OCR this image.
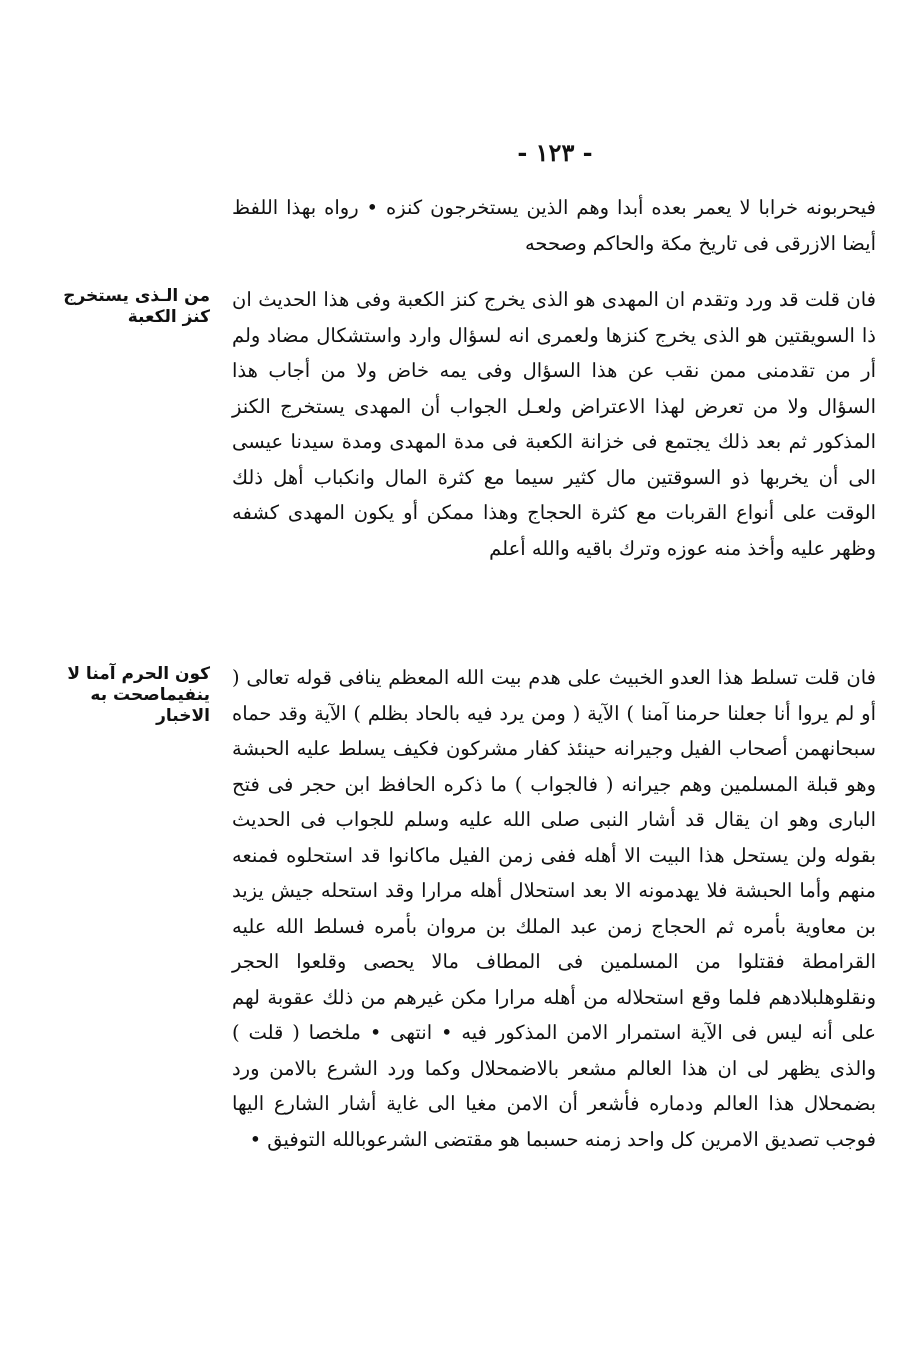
- ١٢٣ -
من الـذى يستخرج كنز الكعبة
كون الحرم آمنا لا ينفيماصحت به الاخبار

فيحربونه خرابا لا يعمر بعده أبدا وهم الذين يستخرجون كنزه • رواه بهذا اللفظ أيضا الازرقى فى تاريخ مكة والحاكم وصححه

فان قلت قد ورد وتقدم ان المهدى هو الذى يخرج كنز الكعبة وفى هذا الحديث ان ذا السويقتين هو الذى يخرج كنزها ولعمرى انه لسؤال وارد واستشكال مضاد ولم أر من تقدمنى ممن نقب عن هذا السؤال وفى يمه خاض ولا من أجاب هذا السؤال ولا من تعرض لهذا الاعتراض ولعـل الجواب أن المهدى يستخرج الكنز المذكور ثم بعد ذلك يجتمع فى خزانة الكعبة فى مدة المهدى ومدة سيدنا عيسى الى أن يخربها ذو السوقتين مال كثير سيما مع كثرة المال وانكباب أهل ذلك الوقت على أنواع القربات مع كثرة الحجاج وهذا ممكن أو يكون المهدى كشفه وظهر عليه وأخذ منه عوزه وترك باقيه والله أعلم

فان قلت تسلط هذا العدو الخبيث على هدم بيت الله المعظم ينافى قوله تعالى ( أو لم يروا أنا جعلنا حرمنا آمنا ) الآية ( ومن يرد فيه بالحاد بظلم ) الآية وقد حماه سبحانهمن أصحاب الفيل وجيرانه حينئذ كفار مشركون فكيف يسلط عليه الحبشة وهو قبلة المسلمين وهم جيرانه ( فالجواب ) ما ذكره الحافظ ابن حجر فى فتح البارى وهو ان يقال قد أشار النبى صلى الله عليه وسلم للجواب فى الحديث بقوله ولن يستحل هذا البيت الا أهله ففى زمن الفيل ماكانوا قد استحلوه فمنعه منهم وأما الحبشة فلا يهدمونه الا بعد استحلال أهله مرارا وقد استحله جيش يزيد بن معاوية بأمره ثم الحجاج زمن عبد الملك بن مروان بأمره فسلط الله عليه القرامطة فقتلوا من المسلمين فى المطاف مالا يحصى وقلعوا الحجر ونقلوهلبلادهم فلما وقع استحلاله من أهله مرارا مكن غيرهم من ذلك عقوبة لهم على أنه ليس فى الآية استمرار الامن المذكور فيه • انتهى • ملخصا ( قلت ) والذى يظهر لى ان هذا العالم مشعر بالاضمحلال وكما ورد الشرع بالامن ورد بضمحلال هذا العالم ودماره فأشعر أن الامن مغيا الى غاية أشار الشارع اليها فوجب تصديق الامرين كل واحد زمنه حسبما هو مقتضى الشرعوبالله التوفيق •
